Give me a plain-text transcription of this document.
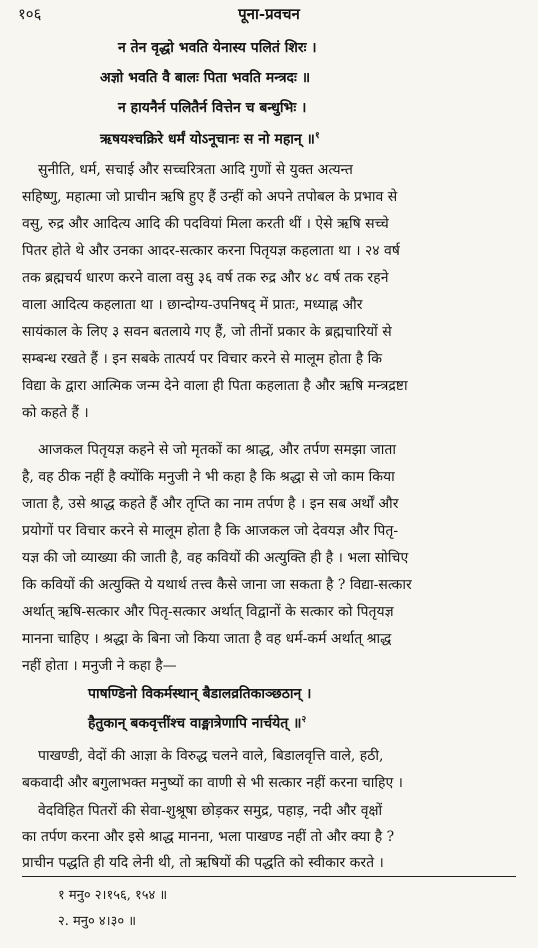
१०६	पूना-प्रवचन
न तेन वृद्धो भवति येनास्य पलितं शिरः ।
अज्ञो भवति वै बालः पिता भवति मन्त्रदः ॥
न हायनैर्न पलितैर्न वित्तेन च बन्धुभिः ।
ऋषयश्चक्रिरे धर्मं योऽनूचानः स नो महान् ॥$^१$
सुनीति, धर्म, सचाई और सच्चरित्रता आदि गुणों से युक्त अत्यन्त
सहिष्णु, महात्मा जो प्राचीन ऋषि हुए हैं उन्हीं को अपने तपोबल के प्रभाव से
वसु, रुद्र और आदित्य आदि की पदवियां मिला करती थीं । ऐसे ऋषि सच्चे
पितर होते थे और उनका आदर-सत्कार करना पितृयज्ञ कहलाता था । २४ वर्ष
तक ब्रह्मचर्य धारण करने वाला वसु ३६ वर्ष तक रुद्र और ४८ वर्ष तक रहने
वाला आदित्य कहलाता था । छान्दोग्य-उपनिषद् में प्रातः, मध्याह्न और
सायंकाल के लिए ३ सवन बतलाये गए हैं, जो तीनों प्रकार के ब्रह्मचारियों से
सम्बन्ध रखते हैं । इन सबके तात्पर्य पर विचार करने से मालूम होता है कि
विद्या के द्वारा आत्मिक जन्म देने वाला ही पिता कहलाता है और ऋषि मन्त्रद्रष्टा
को कहते हैं ।
आजकल पितृयज्ञ कहने से जो मृतकों का श्राद्ध, और तर्पण समझा जाता
है, वह ठीक नहीं है क्योंकि मनुजी ने भी कहा है कि श्रद्धा से जो काम किया
जाता है, उसे श्राद्ध कहते हैं और तृप्ति का नाम तर्पण है । इन सब अर्थों और
प्रयोगों पर विचार करने से मालूम होता है कि आजकल जो देवयज्ञ और पितृ-
यज्ञ की जो व्याख्या की जाती है, वह कवियों की अत्युक्ति ही है । भला सोचिए
कि कवियों की अत्युक्ति ये यथार्थ तत्त्व कैसे जाना जा सकता है ? विद्या-सत्कार
अर्थात् ऋषि-सत्कार और पितृ-सत्कार अर्थात् विद्वानों के सत्कार को पितृयज्ञ
मानना चाहिए । श्रद्धा के बिना जो किया जाता है वह धर्म-कर्म अर्थात् श्राद्ध
नहीं होता । मनुजी ने कहा है—
पाषण्डिनो विकर्मस्थान् बैडालव्रतिकाञ्छठान् ।
हैतुकान् बकवृत्तींश्च वाङ्मात्रेणापि नार्चयेत् ॥$^२$
पाखण्डी, वेदों की आज्ञा के विरुद्ध चलने वाले, बिडालवृत्ति वाले, हठी,
बकवादी और बगुलाभक्त मनुष्यों का वाणी से भी सत्कार नहीं करना चाहिए ।
वेदविहित पितरों की सेवा-शुश्रूषा छोड़कर समुद्र, पहाड़, नदी और वृक्षों
का तर्पण करना और इसे श्राद्ध मानना, भला पाखण्ड नहीं तो और क्या है ?
प्राचीन पद्धति ही यदि लेनी थी, तो ऋषियों की पद्धति को स्वीकार करते ।
१ मनु० २।१५६, १५४ ॥
२. मनु० ४।३० ॥
